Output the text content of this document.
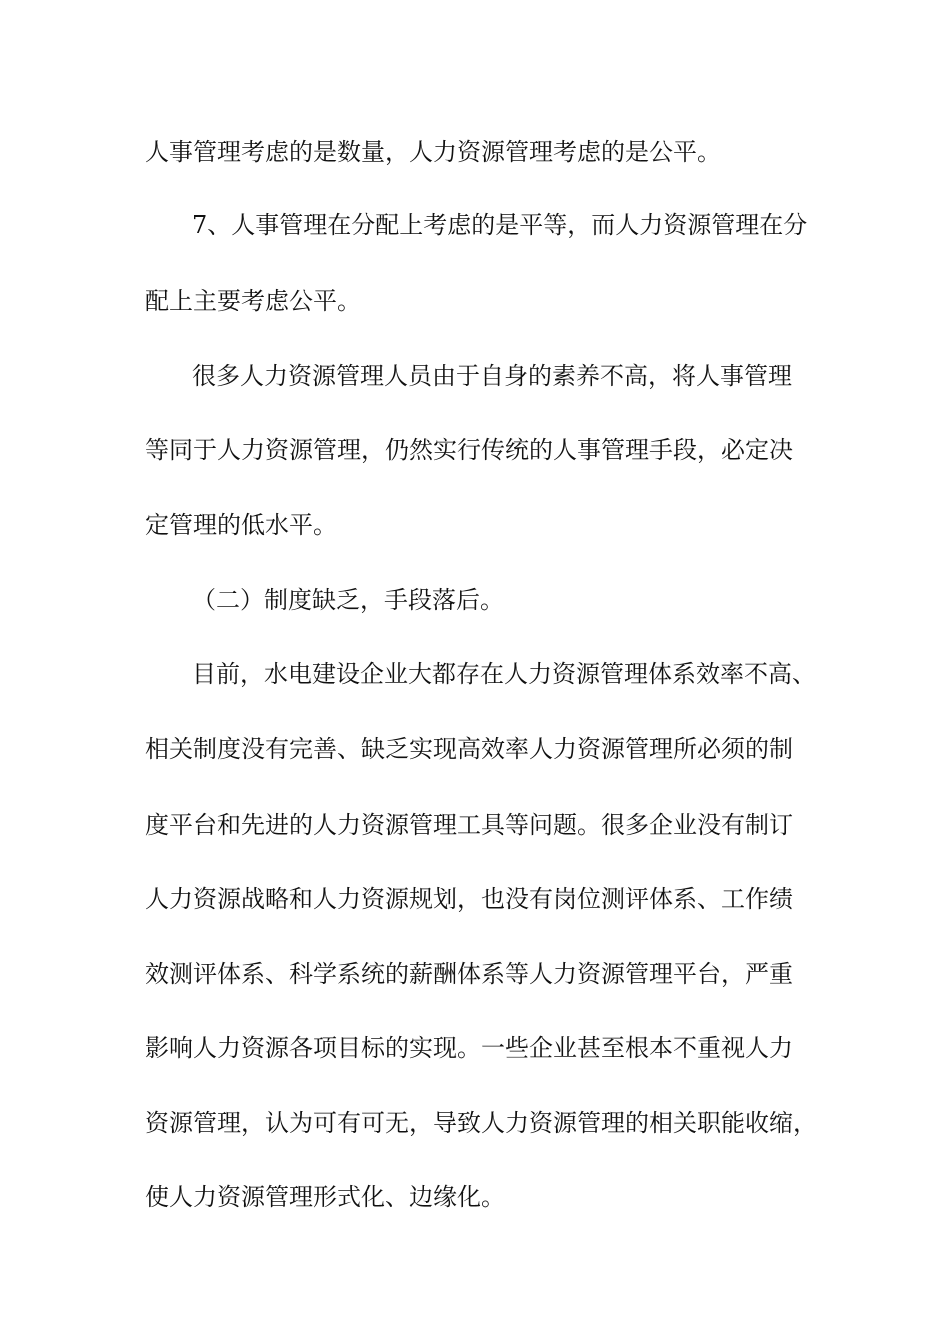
人事管理考虑的是数量，人力资源管理考虑的是公平。
7、人事管理在分配上考虑的是平等，而人力资源管理在分
配上主要考虑公平。
很多人力资源管理人员由于自身的素养不高，将人事管理
等同于人力资源管理，仍然实行传统的人事管理手段，必定决
定管理的低水平。
（二）制度缺乏，手段落后。
目前，水电建设企业大都存在人力资源管理体系效率不高、
相关制度没有完善、缺乏实现高效率人力资源管理所必须的制
度平台和先进的人力资源管理工具等问题。很多企业没有制订
人力资源战略和人力资源规划，也没有岗位测评体系、工作绩
效测评体系、科学系统的薪酬体系等人力资源管理平台，严重
影响人力资源各项目标的实现。一些企业甚至根本不重视人力
资源管理，认为可有可无，导致人力资源管理的相关职能收缩，
使人力资源管理形式化、边缘化。
